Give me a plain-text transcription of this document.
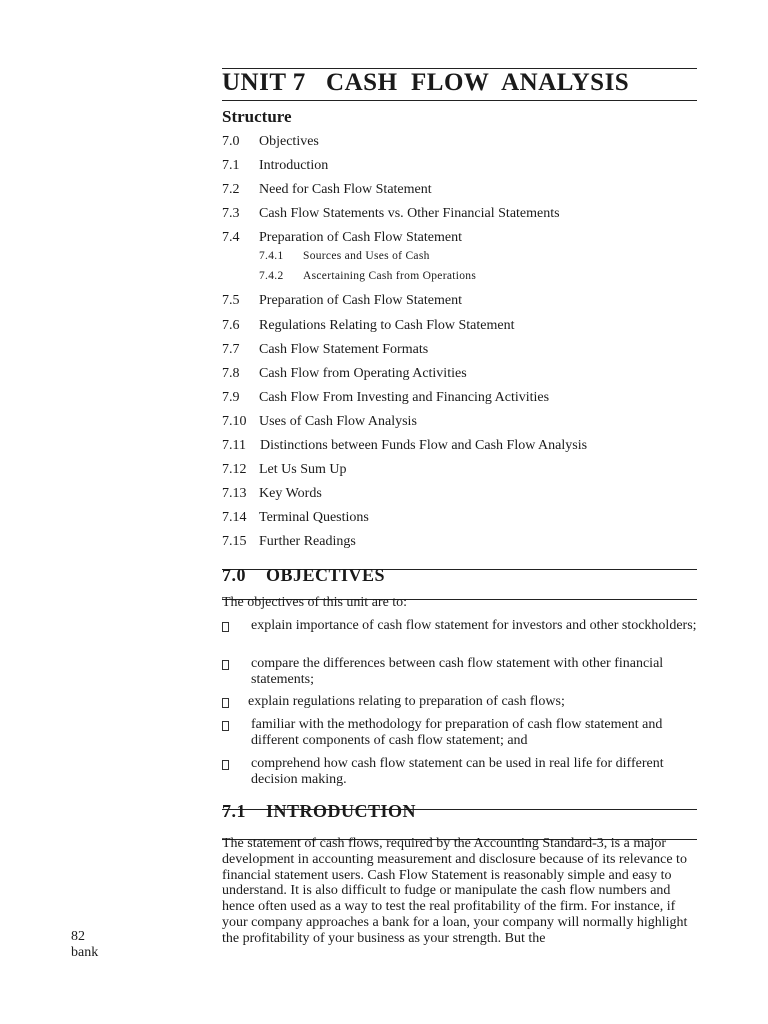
UNIT 7   CASH  FLOW  ANALYSIS
Structure
7.0 Objectives
7.1 Introduction
7.2 Need for Cash Flow Statement
7.3 Cash Flow Statements vs. Other Financial Statements
7.4 Preparation of Cash Flow Statement
7.4.1 Sources and Uses of Cash
7.4.2 Ascertaining Cash from Operations
7.5 Preparation of Cash Flow Statement
7.6 Regulations Relating to Cash Flow Statement
7.7 Cash Flow Statement Formats
7.8 Cash Flow from Operating Activities
7.9 Cash Flow From Investing and Financing Activities
7.10 Uses of Cash Flow Analysis
7.11 Distinctions between Funds Flow and Cash Flow Analysis
7.12 Let Us Sum Up
7.13 Key Words
7.14 Terminal Questions
7.15 Further Readings
7.0    OBJECTIVES

The objectives of this unit are to:

explain importance of cash flow statement for investors and other stockholders;
compare the differences between cash flow statement with other financial statements;
explain regulations relating to preparation of cash flows;
familiar with the methodology for preparation of cash flow statement and different components of cash flow statement; and
comprehend how cash flow statement can be used in real life for different decision making.
7.1    INTRODUCTION

The statement of cash flows, required by the Accounting Standard-3, is a major development in accounting measurement and disclosure because of its relevance to financial statement users. Cash Flow Statement is reasonably simple and easy to understand. It is also difficult to fudge or manipulate the cash flow numbers and hence often used as a way to test the real profitability of the firm. For instance, if your company approaches a bank for a loan, your company will normally highlight the profitability of your business as your strength. But the

82
bank
